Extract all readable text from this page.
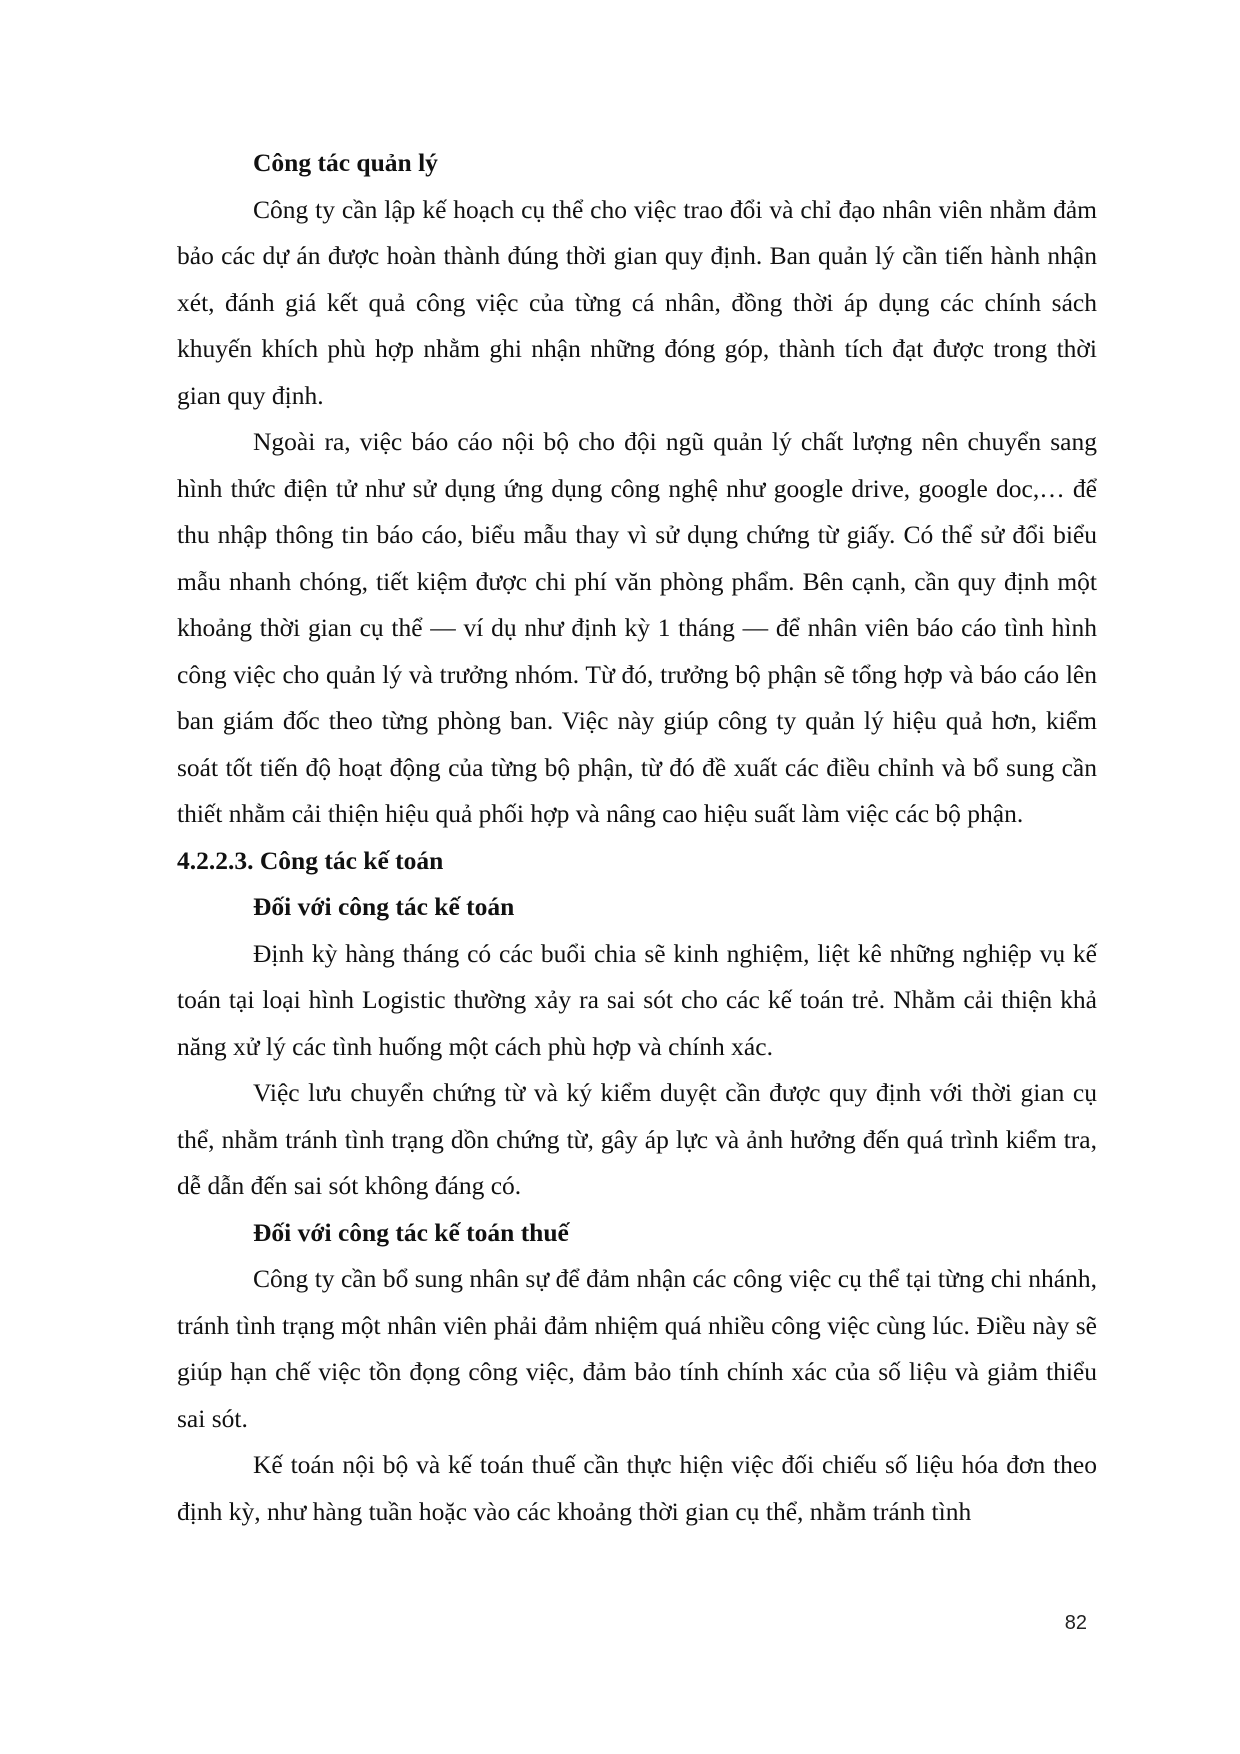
Công tác quản lý

Công ty cần lập kế hoạch cụ thể cho việc trao đổi và chỉ đạo nhân viên nhằm đảm bảo các dự án được hoàn thành đúng thời gian quy định. Ban quản lý cần tiến hành nhận xét, đánh giá kết quả công việc của từng cá nhân, đồng thời áp dụng các chính sách khuyến khích phù hợp nhằm ghi nhận những đóng góp, thành tích đạt được trong thời gian quy định.

Ngoài ra, việc báo cáo nội bộ cho đội ngũ quản lý chất lượng nên chuyển sang hình thức điện tử như sử dụng ứng dụng công nghệ như google drive, google doc,… để thu nhập thông tin báo cáo, biểu mẫu thay vì sử dụng chứng từ giấy. Có thể sử đổi biểu mẫu nhanh chóng, tiết kiệm được chi phí văn phòng phẩm. Bên cạnh, cần quy định một khoảng thời gian cụ thể — ví dụ như định kỳ 1 tháng — để nhân viên báo cáo tình hình công việc cho quản lý và trưởng nhóm. Từ đó, trưởng bộ phận sẽ tổng hợp và báo cáo lên ban giám đốc theo từng phòng ban. Việc này giúp công ty quản lý hiệu quả hơn, kiểm soát tốt tiến độ hoạt động của từng bộ phận, từ đó đề xuất các điều chỉnh và bổ sung cần thiết nhằm cải thiện hiệu quả phối hợp và nâng cao hiệu suất làm việc các bộ phận.

4.2.2.3. Công tác kế toán
Đối với công tác kế toán

Định kỳ hàng tháng có các buổi chia sẽ kinh nghiệm, liệt kê những nghiệp vụ kế toán tại loại hình Logistic thường xảy ra sai sót cho các kế toán trẻ. Nhằm cải thiện khả năng xử lý các tình huống một cách phù hợp và chính xác.

Việc lưu chuyển chứng từ và ký kiểm duyệt cần được quy định với thời gian cụ thể, nhằm tránh tình trạng dồn chứng từ, gây áp lực và ảnh hưởng đến quá trình kiểm tra, dễ dẫn đến sai sót không đáng có.

Đối với công tác kế toán thuế

Công ty cần bổ sung nhân sự để đảm nhận các công việc cụ thể tại từng chi nhánh, tránh tình trạng một nhân viên phải đảm nhiệm quá nhiều công việc cùng lúc. Điều này sẽ giúp hạn chế việc tồn đọng công việc, đảm bảo tính chính xác của số liệu và giảm thiểu sai sót.

Kế toán nội bộ và kế toán thuế cần thực hiện việc đối chiếu số liệu hóa đơn theo định kỳ, như hàng tuần hoặc vào các khoảng thời gian cụ thể, nhằm tránh tình

82
